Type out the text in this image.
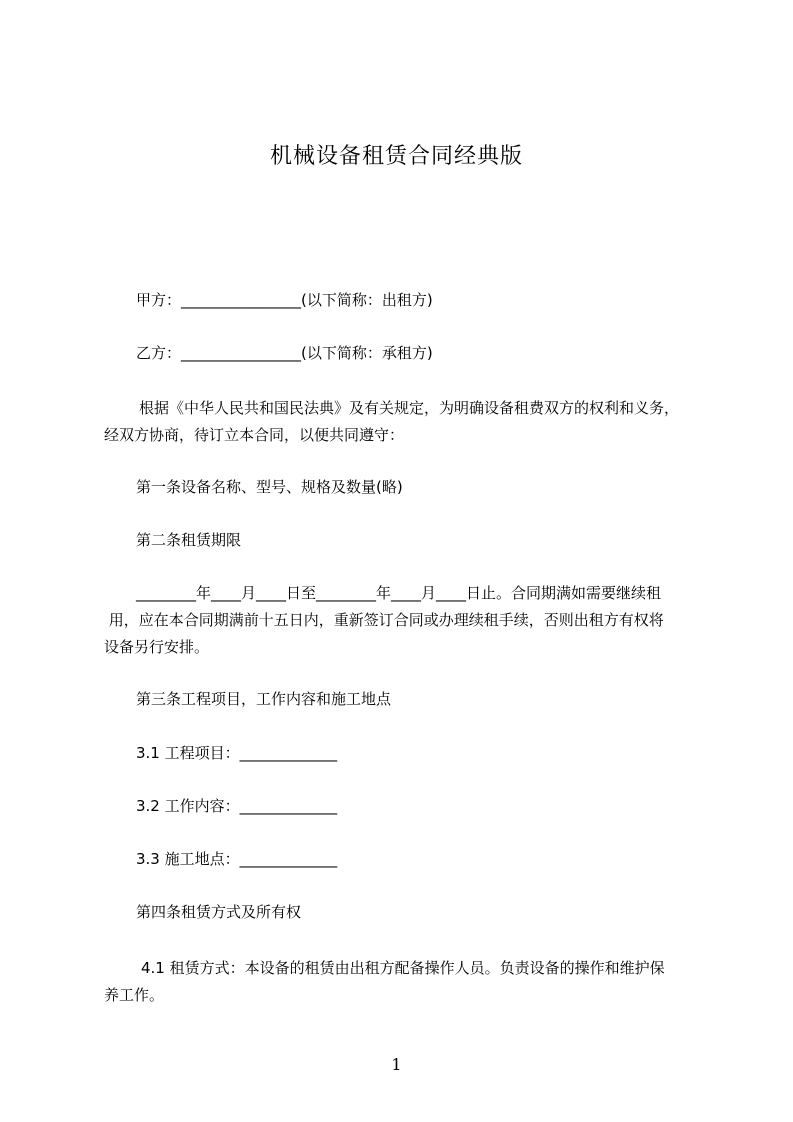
机械设备租赁合同经典版
甲方：________________(以下简称：出租方)
乙方：________________(以下简称：承租方)
根据《中华人民共和国民法典》及有关规定，为明确设备租费双方的权利和义务，
经双方协商，待订立本合同，以便共同遵守：
第一条设备名称、型号、规格及数量(略)
第二条租赁期限
________年____月____日至________年____月____日止。合同期满如需要继续租
用，应在本合同期满前十五日内，重新签订合同或办理续租手续，否则出租方有权将
设备另行安排。
第三条工程项目，工作内容和施工地点
3.1 工程项目：_____________
3.2 工作内容：_____________
3.3 施工地点：_____________
第四条租赁方式及所有权
4.1 租赁方式：本设备的租赁由出租方配备操作人员。负责设备的操作和维护保
养工作。
1
